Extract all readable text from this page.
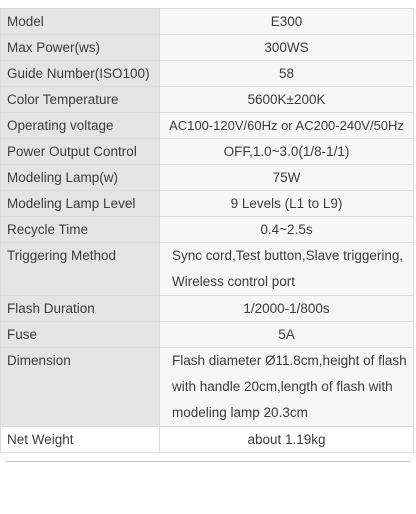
Model	E300
Max Power(ws)	300WS
Guide Number(ISO100)	58
Color Temperature	5600K±200K
Operating voltage	AC100-120V/60Hz or AC200-240V/50Hz
Power Output Control	OFF,1.0~3.0(1/8-1/1)
Modeling Lamp(w)	75W
Modeling Lamp Level	9 Levels (L1 to L9)
Recycle Time	0.4~2.5s
Triggering Method	Sync cord,Test button,Slave triggering,
Wireless control port

Flash Duration	1/2000-1/800s
Fuse	5A
Dimension	Flash diameter Ø11.8cm,height of flash
with handle 20cm,length of flash with
modeling lamp 20.3cm

Net Weight	about 1.19kg
